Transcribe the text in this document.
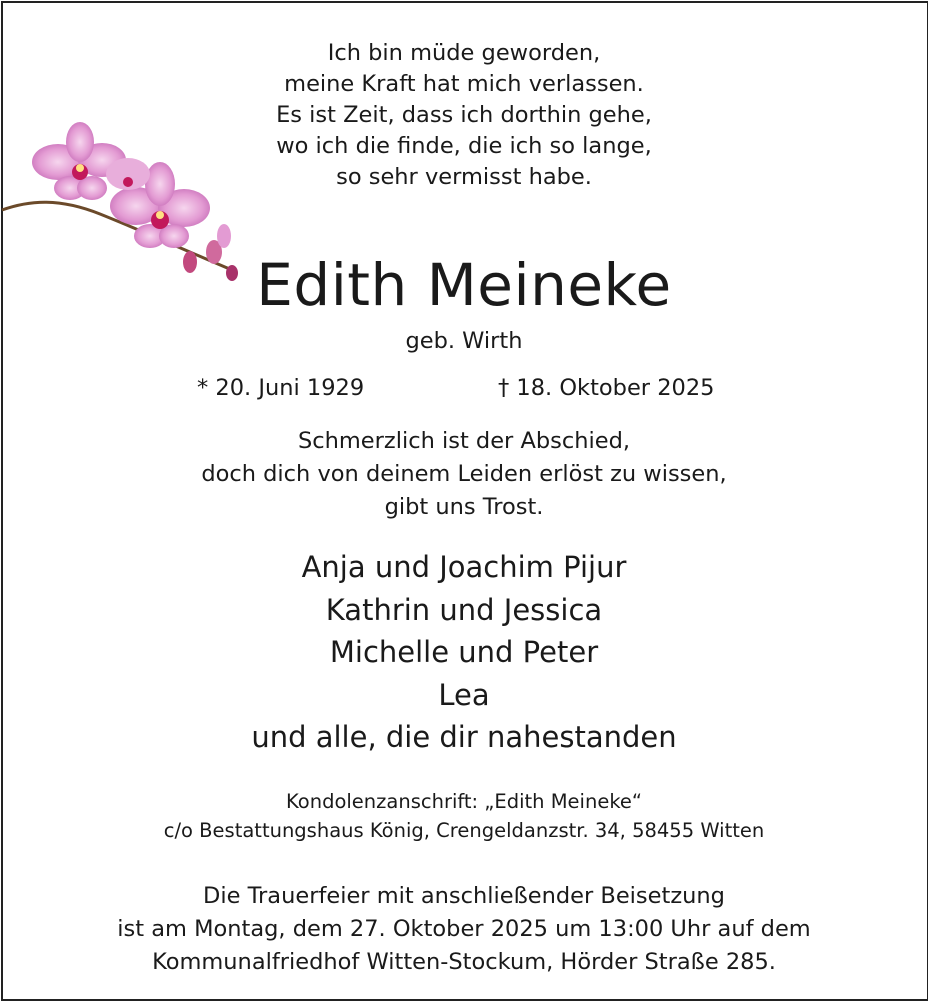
Ich bin müde geworden,
meine Kraft hat mich verlassen.
Es ist Zeit, dass ich dorthin gehe,
wo ich die finde, die ich so lange,
so sehr vermisst habe.
Edith Meineke
geb. Wirth
* 20. Juni 1929	† 18. Oktober 2025
Schmerzlich ist der Abschied,
doch dich von deinem Leiden erlöst zu wissen,
gibt uns Trost.
Anja und Joachim Pijur
Kathrin und Jessica
Michelle und Peter
Lea
und alle, die dir nahestanden
Kondolenzanschrift: „Edith Meineke“
c/o Bestattungshaus König, Crengeldanzstr. 34, 58455 Witten
Die Trauerfeier mit anschließender Beisetzung
ist am Montag, dem 27. Oktober 2025 um 13:00 Uhr auf dem
Kommunalfriedhof Witten-Stockum, Hörder Straße 285.
